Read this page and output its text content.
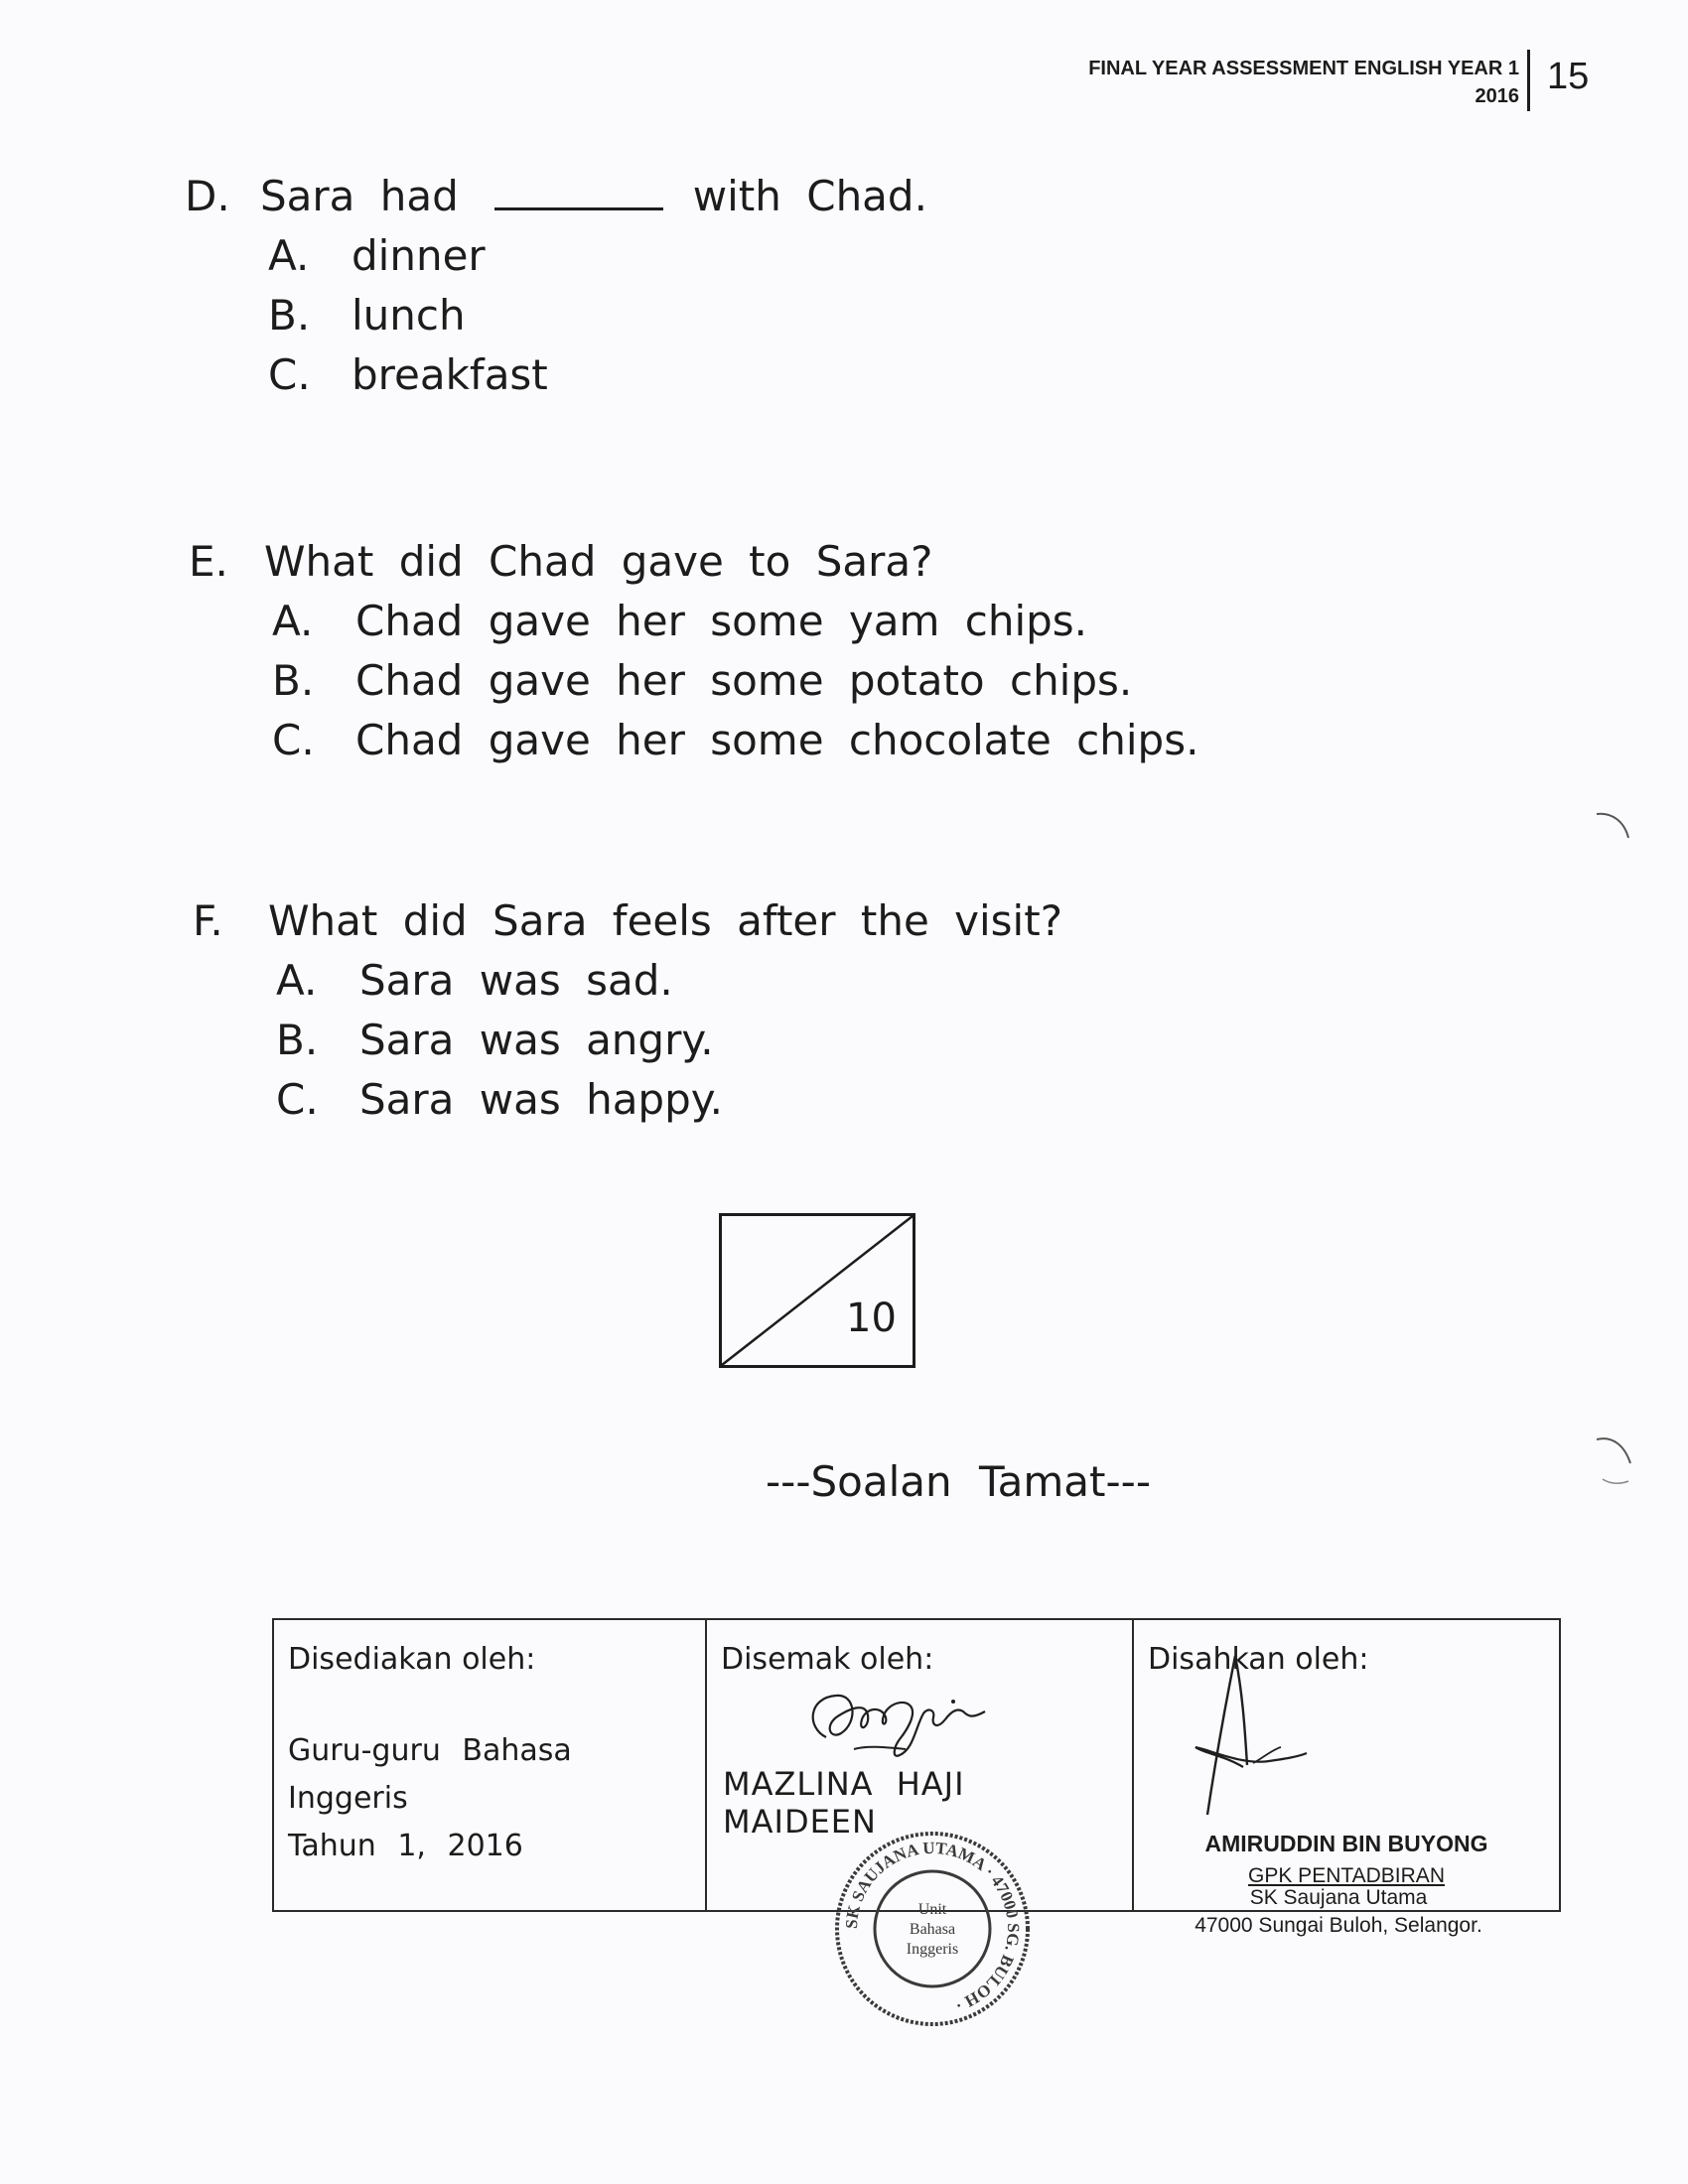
FINAL YEAR ASSESSMENT ENGLISH YEAR 1
2016 15
D. Sara had	with Chad.
A.	dinner
B. lunch
C. breakfast
E. What did Chad gave to Sara?
A.	Chad gave her some yam chips.
B. Chad gave her some potato chips.
C. Chad gave her some chocolate chips.
F.	What did Sara feels after the visit?
A.	Sara was sad.
B. Sara was angry.
C. Sara was happy.
10
---Soalan Tamat---
Disediakan oleh:
Guru-guru Bahasa Inggeris
Tahun 1, 2016
Disemak oleh:
MAZLINA HAJI MAIDEEN
Disahkan oleh:
AMIRUDDIN BIN BUYONG
GPK PENTADBIRAN
SK Saujana Utama
47000 Sungai Buloh, Selangor.
SK SAUJANA UTAMA · 47000 SG. BULOH ·
Unit
Bahasa
Inggeris
